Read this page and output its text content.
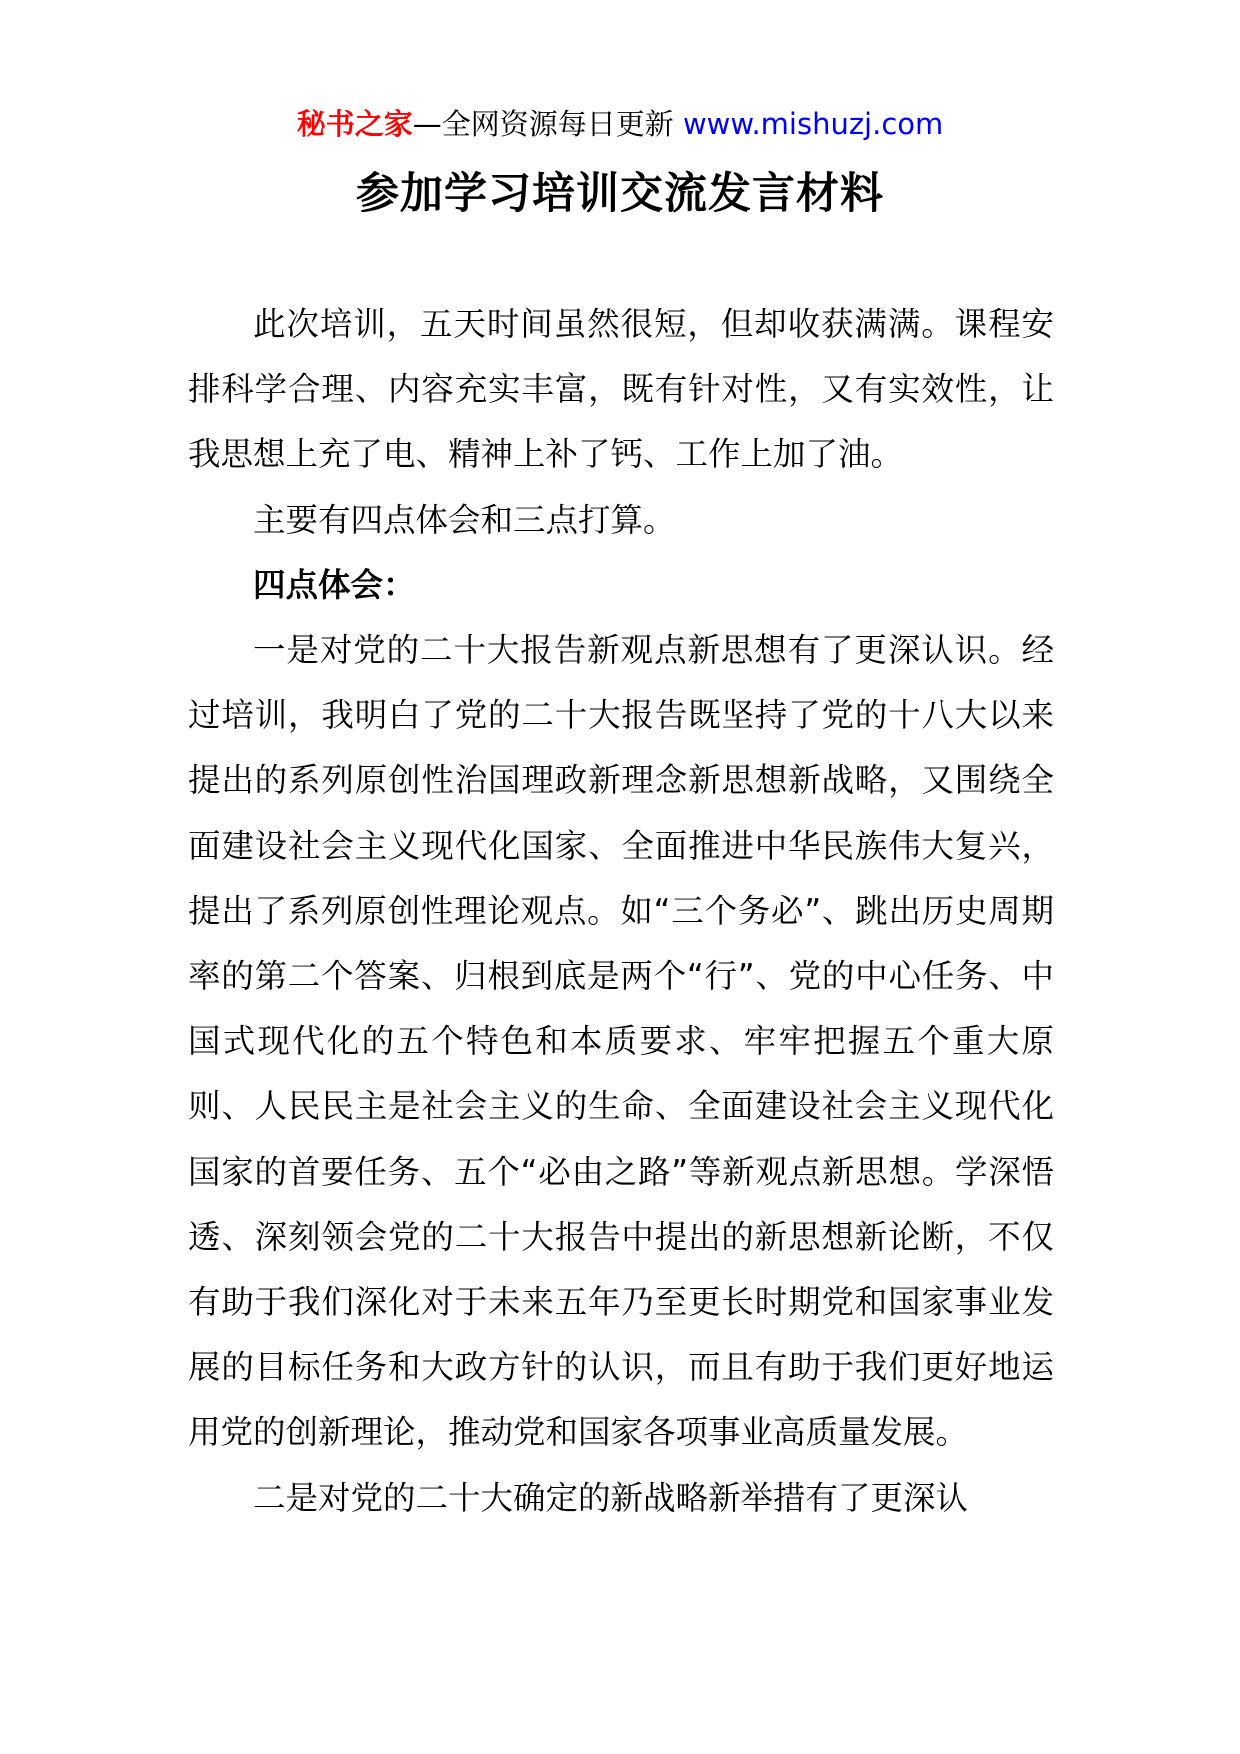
秘书之家—全网资源每日更新 www.mishuzj.com
参加学习培训交流发言材料

此次培训，五天时间虽然很短，但却收获满满。课程安排科学合理、内容充实丰富，既有针对性，又有实效性，让我思想上充了电、精神上补了钙、工作上加了油。

主要有四点体会和三点打算。

四点体会：

一是对党的二十大报告新观点新思想有了更深认识。经过培训，我明白了党的二十大报告既坚持了党的十八大以来提出的系列原创性治国理政新理念新思想新战略，又围绕全面建设社会主义现代化国家、全面推进中华民族伟大复兴，提出了系列原创性理论观点。如“三个务必”、跳出历史周期率的第二个答案、归根到底是两个“行”、党的中心任务、中国式现代化的五个特色和本质要求、牢牢把握五个重大原则、人民民主是社会主义的生命、全面建设社会主义现代化国家的首要任务、五个“必由之路”等新观点新思想。学深悟透、深刻领会党的二十大报告中提出的新思想新论断，不仅有助于我们深化对于未来五年乃至更长时期党和国家事业发展的目标任务和大政方针的认识，而且有助于我们更好地运用党的创新理论，推动党和国家各项事业高质量发展。

二是对党的二十大确定的新战略新举措有了更深认
